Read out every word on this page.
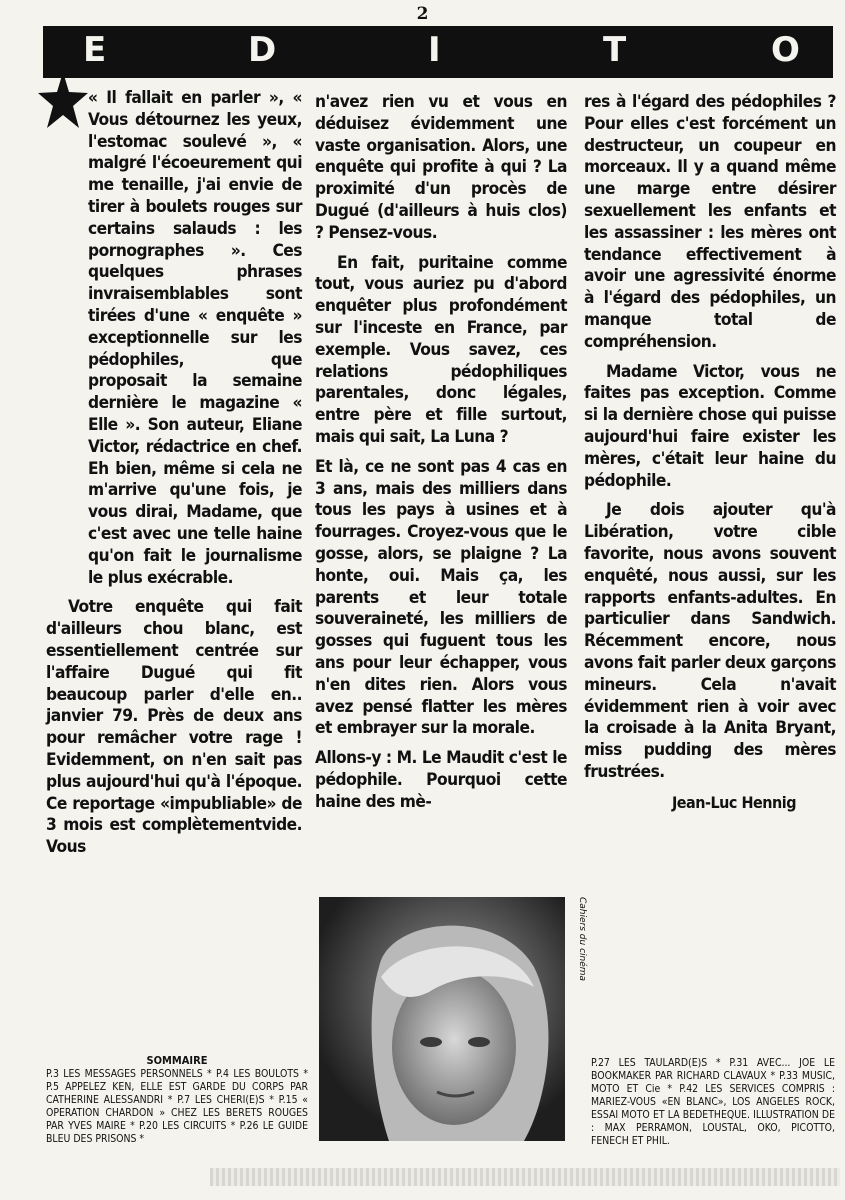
2
E	D	I	T	O

« Il fallait en parler », « Vous détournez les yeux, l'estomac soulevé », « malgré l'écoeurement qui me tenaille, j'ai envie de tirer à boulets rouges sur certains salauds : les pornographes ». Ces quelques phrases invraisemblables sont tirées d'une « enquête » exceptionnelle sur les pédophiles, que proposait la semaine dernière le magazine « Elle ». Son auteur, Eliane Victor, rédactrice en chef. Eh bien, même si cela ne m'arrive qu'une fois, je vous dirai, Madame, que c'est avec une telle haine qu'on fait le journalisme le plus exécrable.

Votre enquête qui fait d'ailleurs chou blanc, est essentiellement centrée sur l'affaire Dugué qui fit beaucoup parler d'elle en.. janvier 79. Près de deux ans pour remâcher votre rage ! Evidemment, on n'en sait pas plus aujourd'hui qu'à l'époque. Ce reportage «impubliable» de 3 mois est complètementvide. Vous

n'avez rien vu et vous en déduisez évidemment une vaste organisation. Alors, une enquête qui profite à qui ? La proximité d'un procès de Dugué (d'ailleurs à huis clos) ? Pensez-vous.

En fait, puritaine comme tout, vous auriez pu d'abord enquêter plus profondément sur l'inceste en France, par exemple. Vous savez, ces relations pédophiliques parentales, donc légales, entre père et fille surtout, mais qui sait, La Luna ?

Et là, ce ne sont pas 4 cas en 3 ans, mais des milliers dans tous les pays à usines et à fourrages. Croyez-vous que le gosse, alors, se plaigne ? La honte, oui. Mais ça, les parents et leur totale souveraineté, les milliers de gosses qui fuguent tous les ans pour leur échapper, vous n'en dites rien. Alors vous avez pensé flatter les mères et embrayer sur la morale.

Allons-y : M. Le Maudit c'est le pédophile. Pourquoi cette haine des mè-

res à l'égard des pédophiles ? Pour elles c'est forcément un destructeur, un coupeur en morceaux. Il y a quand même une marge entre désirer sexuellement les enfants et les assassiner : les mères ont tendance effectivement à avoir une agressivité énorme à l'égard des pédophiles, un manque total de compréhension.

Madame Victor, vous ne faites pas exception. Comme si la dernière chose qui puisse aujourd'hui faire exister les mères, c'était leur haine du pédophile.

Je dois ajouter qu'à Libération, votre cible favorite, nous avons souvent enquêté, nous aussi, sur les rapports enfants-adultes. En particulier dans Sandwich. Récemment encore, nous avons fait parler deux garçons mineurs. Cela n'avait évidemment rien à voir avec la croisade à la Anita Bryant, miss pudding des mères frustrées.

Jean-Luc Hennig
Cahiers du cinéma
SOMMAIRE
P.3 LES MESSAGES PERSONNELS * P.4 LES BOULOTS * P.5 APPELEZ KEN, ELLE EST GARDE DU CORPS PAR CATHERINE ALESSANDRI * P.7 LES CHERI(E)S * P.15 « OPERATION CHARDON » CHEZ LES BERETS ROUGES PAR YVES MAIRE * P.20 LES CIRCUITS * P.26 LE GUIDE BLEU DES PRISONS *
P.27 LES TAULARD(E)S * P.31 AVEC... JOE LE BOOKMAKER PAR RICHARD CLAVAUX * P.33 MUSIC, MOTO ET Cie * P.42 LES SERVICES COMPRIS : MARIEZ-VOUS «EN BLANC», LOS ANGELES ROCK, ESSAI MOTO ET LA BEDETHEQUE. ILLUSTRATION DE : MAX PERRAMON, LOUSTAL, OKO, PICOTTO, FENECH ET PHIL.
